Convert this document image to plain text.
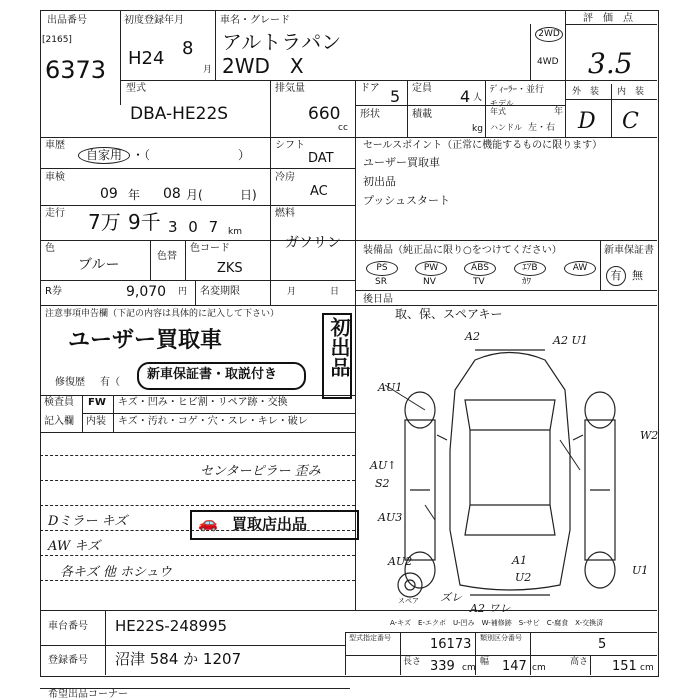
出品番号
[2165]
6373
初度登録年月
H24 8
月
車名・グレード
アルトラパン
2WD　X
2WD
4WD
評　価　点
3.5
外　装 内　装
D C
型式
DBA-HE22S
排気量
660
cc
ドア 5 定員 4 人
ﾃﾞｨｰﾗｰ・並行
形状	積載
kg
モデル年式	年
ハンドル 左・右
車歴
自家用 ・（	）
車検
09 年 08 月(	日)
走行 7万 9千 3 0 7 km
色
ブルー
色替
色コード
ZKS
R券	9,070 円 名変期限	月	日
シフト
DAT
冷房
AC
燃料
ガソリン
セールスポイント（正常に機能するものに限ります）
ユーザー買取車
初出品
プッシュスタート
装備品（純正品に限り○をつけてください）
PS	PW	ABS	ｴｱB	AW
SR	NV	TV	ｶﾜ
新車保証書
有 無
後日品
取、保、スペアキー
注意事項申告欄（下記の内容は具体的に記入して下さい）
ユーザー買取車	初出品
修復歴 有（
新車保証書・取説付き
検査員
記入欄
FW キズ・凹み・ヒビ割・リペア跡・交換
内装 キズ・汚れ・コゲ・穴・スレ・キレ・破レ
センターピラー 歪み
Dミラー キズ
AW キズ
各キズ 他 ホシュウ
🚗 買取店出品
A2	A2 U1
AU1
W2
AU↑
S2
AU3
AU2	A1
U2
U1
A2 ワレ
スペア ズレ
A-キズ　E-エクボ　U-凹み　W-補修跡　S-サビ　C-腐食　X-交換済
車台番号 HE22S-248995
登録番号 沼津 584 か 1207
型式指定番号	16173 類別区分番号	5
長さ 339 cm
幅 147 cm
高さ 151 cm
希望出品コーナー
